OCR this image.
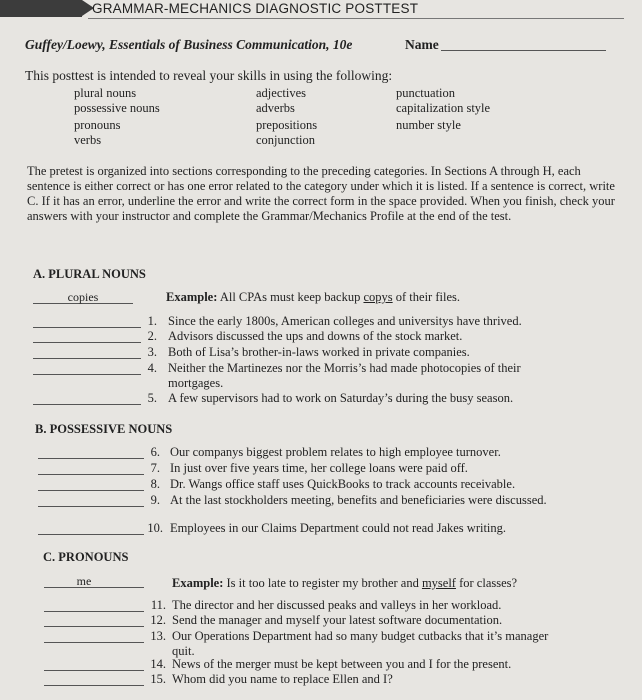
GRAMMAR-MECHANICS DIAGNOSTIC POSTTEST
Guffey/Loewy, Essentials of Business Communication, 10e	Name
This posttest is intended to reveal your skills in using the following:
plural nouns
possessive nouns
pronouns
verbs
adjectives
adverbs
prepositions
conjunction
punctuation
capitalization style
number style
The pretest is organized into sections corresponding to the preceding categories. In Sections A through H, each sentence is either correct or has one error related to the category under which it is listed. If a sentence is correct, write C. If it has an error, underline the error and write the correct form in the space provided. When you finish, check your answers with your instructor and complete the Grammar/Mechanics Profile at the end of the test.
A. PLURAL NOUNS
copies	Example: All CPAs must keep backup copys of their files.
1. Since the early 1800s, American colleges and universitys have thrived.
2. Advisors discussed the ups and downs of the stock market.
3. Both of Lisa’s brother-in-laws worked in private companies.
4. Neither the Martinezes nor the Morris’s had made photocopies of their mortgages.
5. A few supervisors had to work on Saturday’s during the busy season.
B. POSSESSIVE NOUNS
6. Our companys biggest problem relates to high employee turnover.
7. In just over five years time, her college loans were paid off.
8. Dr. Wangs office staff uses QuickBooks to track accounts receivable.
9. At the last stockholders meeting, benefits and beneficiaries were discussed.
10. Employees in our Claims Department could not read Jakes writing.
C. PRONOUNS
me	Example: Is it too late to register my brother and myself for classes?
11. The director and her discussed peaks and valleys in her workload.
12. Send the manager and myself your latest software documentation.
13. Our Operations Department had so many budget cutbacks that it’s manager quit.
14. News of the merger must be kept between you and I for the present.
15. Whom did you name to replace Ellen and I?
